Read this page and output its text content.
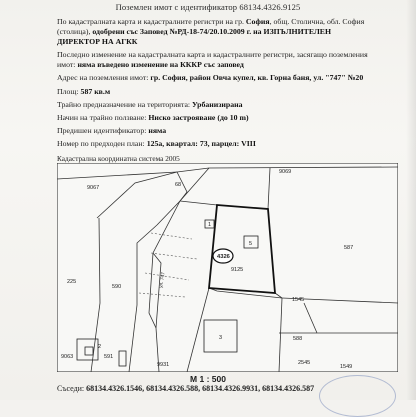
Поземлен имот с идентификатор 68134.4326.9125
По кадастралната карта и кадастралните регистри на гр. София, общ. Столична, обл. София
(столица), одобрени със Заповед №РД-18-74/20.10.2009 г. на ИЗПЪЛНИТЕЛЕН
ДИРЕКТОР НА АГКК
Последно изменение на кадастралната карта и кадастралните регистри, засягащо поземления
имот: няма въведено изменение на КККР със заповед
Адрес на поземления имот: гр. София, район Овча купел, кв. Горна баня, ул. "747" №20
Площ: 587 кв.м
Трайно предназначение на територията: Урбанизирана
Начин на трайно ползване: Ниско застрояване (до 10 m)
Предишен идентификатор: няма
Номер по предходен план: 125а, квартал: 73, парцел: VIII
Кадастрална координатна система 2005
9067	68
9069
587
225
590
9125
4326
1545
9063	591
9931
588
1549
2545
1
5
3
2
ул. 747
М 1 : 500
Съседи: 68134.4326.1546, 68134.4326.588, 68134.4326.9931, 68134.4326.587
